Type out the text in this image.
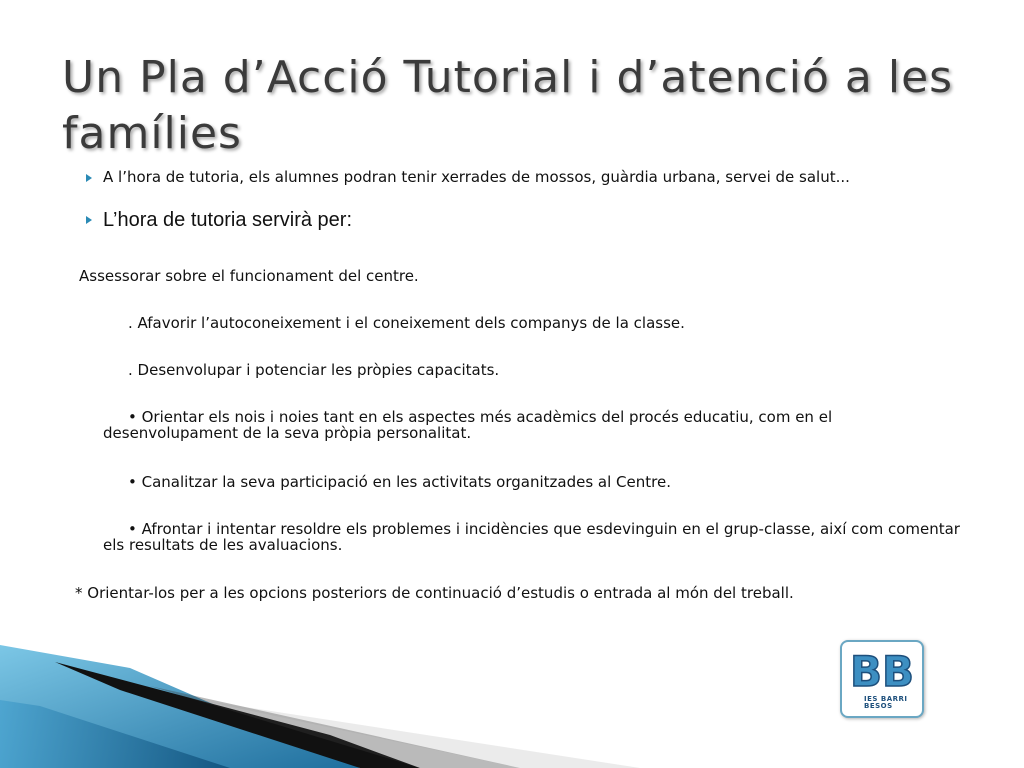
Un Pla d’Acció Tutorial i d’atenció a les famílies
A l’hora de tutoria, els alumnes podran tenir xerrades de mossos, guàrdia urbana, servei de salut...
L’hora de tutoria servirà per:
Assessorar sobre el funcionament del centre.
. Afavorir l’autoconeixement i el coneixement dels companys de la classe.
. Desenvolupar i potenciar les pròpies capacitats.
• Orientar els nois i noies tant en els aspectes més acadèmics del procés educatiu, com en el desenvolupament de la seva pròpia personalitat.
• Canalitzar la seva participació en les activitats organitzades al Centre.
• Afrontar i intentar resoldre els problemes i incidències que esdevinguin en el grup-classe, així com comentar els resultats de les avaluacions.
* Orientar-los per a les opcions posteriors de continuació d’estudis o entrada al món del treball.
BB
IES BARRI BESOS
